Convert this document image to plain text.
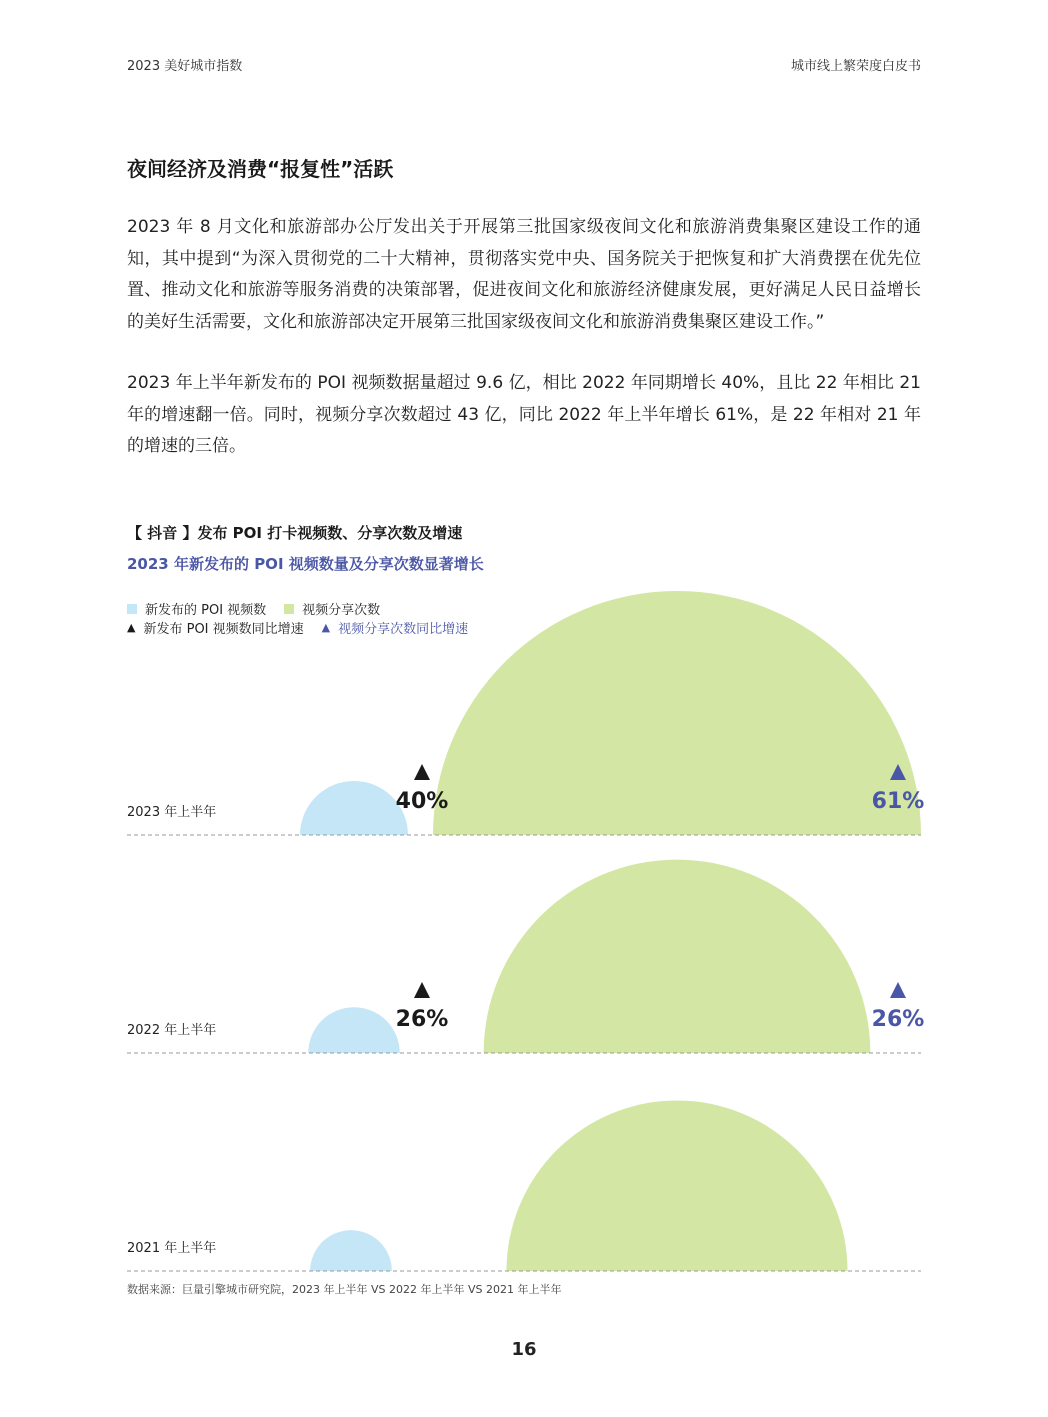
2023 美好城市指数	城市线上繁荣度白皮书
夜间经济及消费“报复性”活跃
2023 年 8 月文化和旅游部办公厅发出关于开展第三批国家级夜间文化和旅游消费集聚区建设工作的通知，其中提到“为深入贯彻党的二十大精神，贯彻落实党中央、国务院关于把恢复和扩大消费摆在优先位置、推动文化和旅游等服务消费的决策部署，促进夜间文化和旅游经济健康发展，更好满足人民日益增长的美好生活需要，文化和旅游部决定开展第三批国家级夜间文化和旅游消费集聚区建设工作。”
2023 年上半年新发布的 POI 视频数据量超过 9.6 亿，相比 2022 年同期增长 40%，且比 22 年相比 21 年的增速翻一倍。同时，视频分享次数超过 43 亿，同比 2022 年上半年增长 61%，是 22 年相对 21 年的增速的三倍。
【 抖音 】发布 POI 打卡视频数、分享次数及增速
2023 年新发布的 POI 视频数量及分享次数显著增长
新发布的 POI 视频数	视频分享次数
▲ 新发布 POI 视频数同比增速 ▲ 视频分享次数同比增速
2023 年上半年	40%	61%
2022 年上半年	26%	26%
2021 年上半年
数据来源：巨量引擎城市研究院，2023 年上半年 VS 2022 年上半年 VS 2021 年上半年
16
